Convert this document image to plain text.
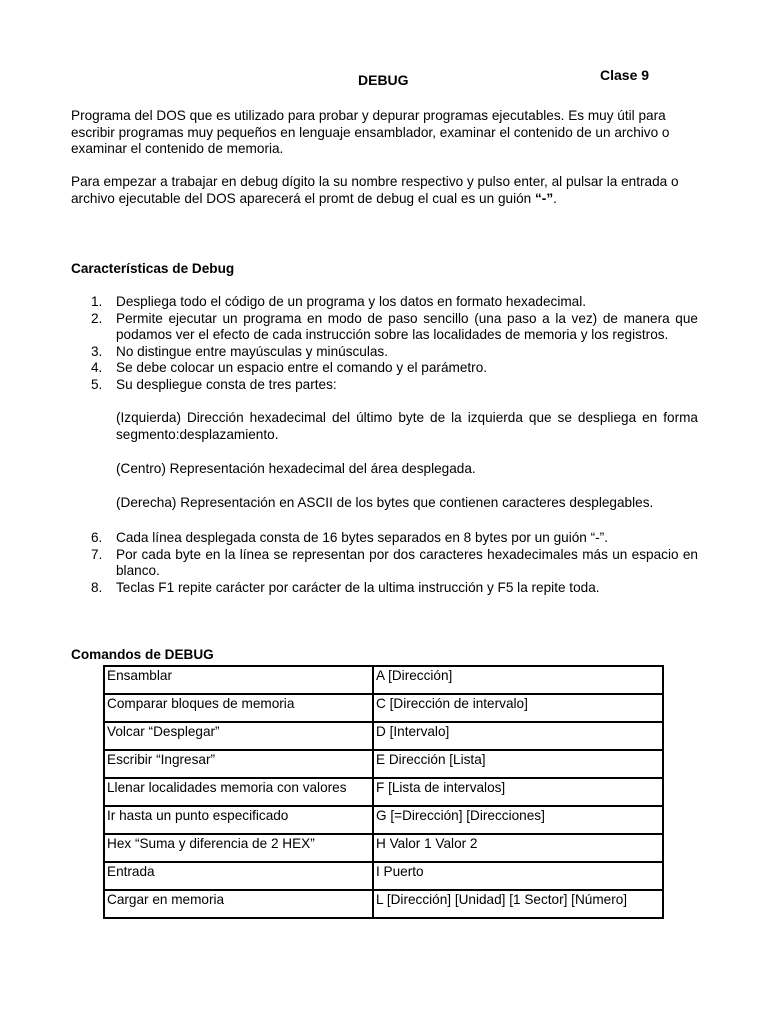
DEBUG	Clase 9

Programa del DOS que es utilizado para probar y depurar programas ejecutables. Es muy útil para escribir programas muy pequeños en lenguaje ensamblador, examinar el contenido de un archivo o examinar el contenido de memoria.

Para empezar a trabajar en debug dígito la su nombre respectivo y pulso enter, al pulsar la entrada o archivo ejecutable del DOS aparecerá el promt de debug el cual es un guión “-”.

Características de Debug

1. Despliega todo el código de un programa y los datos en formato hexadecimal.
2. Permite ejecutar un programa en modo de paso sencillo (una paso a la vez) de manera que podamos ver el efecto de cada instrucción sobre las localidades de memoria y los registros.
3. No distingue entre mayúsculas y minúsculas.
4. Se debe colocar un espacio entre el comando y el parámetro.
5. Su despliegue consta de tres partes:

(Izquierda) Dirección hexadecimal del último byte de la izquierda que se despliega en forma segmento:desplazamiento.

(Centro) Representación hexadecimal del área desplegada.

(Derecha) Representación en ASCII de los bytes que contienen caracteres desplegables.

6. Cada línea desplegada consta de 16 bytes separados en 8 bytes por un guión “-”.
7. Por cada byte en la línea se representan por dos caracteres hexadecimales más un espacio en blanco.
8. Teclas F1 repite carácter por carácter de la ultima instrucción y F5 la repite toda.

Comandos de DEBUG

Ensamblar	A [Dirección]
Comparar bloques de memoria	C [Dirección de intervalo]
Volcar “Desplegar”	D [Intervalo]
Escribir “Ingresar”	E Dirección [Lista]
Llenar localidades memoria con valores	F [Lista de intervalos]
Ir hasta un punto especificado	G [=Dirección] [Direcciones]
Hex “Suma y diferencia de 2 HEX”	H Valor 1 Valor 2
Entrada	I Puerto
Cargar en memoria	L [Dirección] [Unidad] [1 Sector] [Número]
